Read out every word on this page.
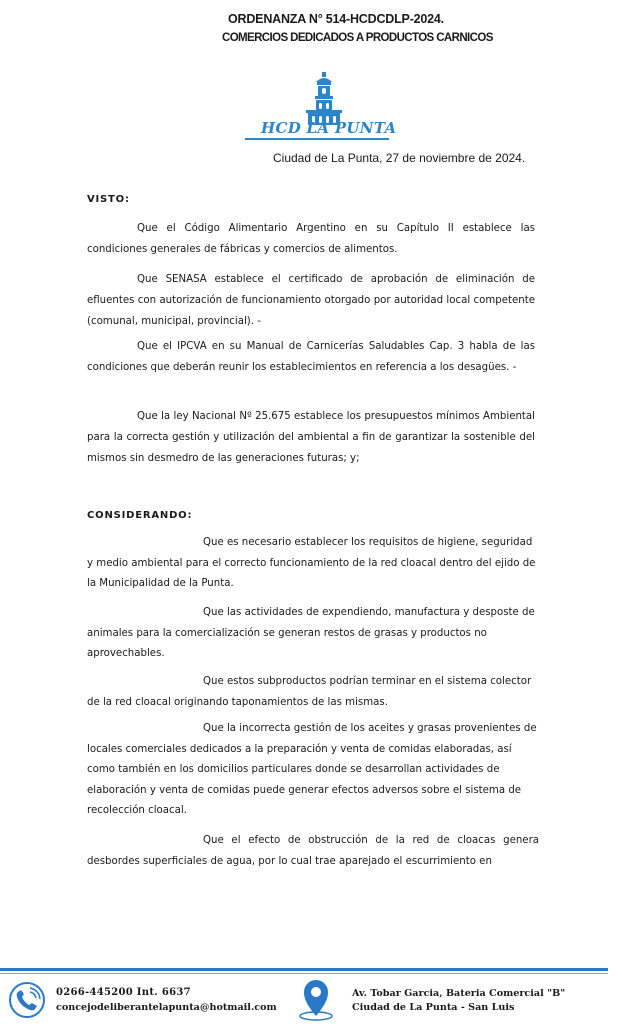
ORDENANZA N° 514-HCDCDLP-2024.
COMERCIOS DEDICADOS A PRODUCTOS CARNICOS
HCD LA PUNTA
Ciudad de La Punta, 27 de noviembre de 2024.
VISTO:

Que el Código Alimentario Argentino en su Capítulo II establece las condiciones generales de fábricas y comercios de alimentos.

Que SENASA establece el certificado de aprobación de eliminación de efluentes con autorización de funcionamiento otorgado por autoridad local competente (comunal, municipal, provincial). -

Que el IPCVA en su Manual de Carnicerías Saludables Cap. 3 habla de las condiciones que deberán reunir los establecimientos en referencia a los desagües. -

Que la ley Nacional Nº 25.675 establece los presupuestos mínimos Ambiental para la correcta gestión y utilización del ambiental a fin de garantizar la sostenible del mismos sin desmedro de las generaciones futuras; y;

CONSIDERANDO:

Que es necesario establecer los requisitos de higiene, seguridad y medio ambiental para el correcto funcionamiento de la red cloacal dentro del ejido de la Municipalidad de la Punta.

Que las actividades de expendiendo, manufactura y desposte de animales para la comercialización se generan restos de grasas y productos no aprovechables.

Que estos subproductos podrían terminar en el sistema colector de la red cloacal originando taponamientos de las mismas.

Que la incorrecta gestión de los aceites y grasas provenientes de locales comerciales dedicados a la preparación y venta de comidas elaboradas, así como también en los domicilios particulares donde se desarrollan actividades de elaboración y venta de comidas puede generar efectos adversos sobre el sistema de recolección cloacal.

Que el efecto de obstrucción de la red de cloacas genera desbordes superficiales de agua, por lo cual trae aparejado el escurrimiento en

0266-445200 Int. 6637
concejodeliberantelapunta@hotmail.com
Av. Tobar Garcia, Bateria Comercial "B"
Ciudad de La Punta - San Luis
